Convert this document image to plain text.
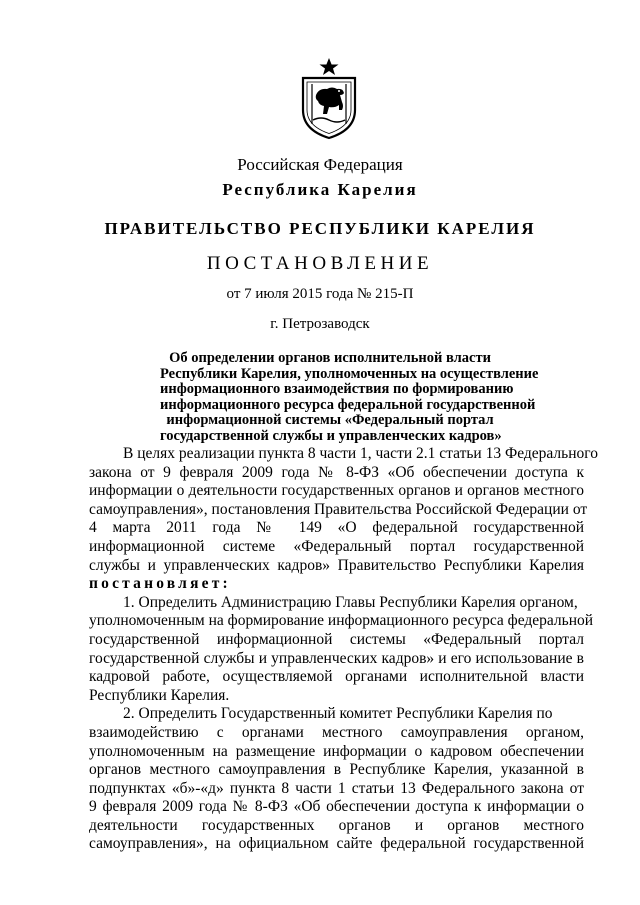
Российская Федерация
Республика Карелия
ПРАВИТЕЛЬСТВО РЕСПУБЛИКИ КАРЕЛИЯ
ПОСТАНОВЛЕНИЕ
от 7 июля 2015 года № 215-П
г. Петрозаводск
Об определении органов исполнительной власти
Республики Карелия, уполномоченных на осуществление
информационного взаимодействия по формированию
информационного ресурса федеральной государственной
информационной системы «Федеральный портал
государственной службы и управленческих кадров»
В целях реализации пункта 8 части 1, части 2.1 статьи 13 Федерального
закона от 9 февраля 2009 года № 8-ФЗ «Об обеспечении доступа к
информации о деятельности государственных органов и органов местного
самоуправления», постановления Правительства Российской Федерации от
4 марта 2011 года № 149 «О федеральной государственной
информационной системе «Федеральный портал государственной
службы и управленческих кадров» Правительство Республики Карелия
постановляет:
1. Определить Администрацию Главы Республики Карелия органом,
уполномоченным на формирование информационного ресурса федеральной
государственной информационной системы «Федеральный портал
государственной службы и управленческих кадров» и его использование в
кадровой работе, осуществляемой органами исполнительной власти
Республики Карелия.
2. Определить Государственный комитет Республики Карелия по
взаимодействию с органами местного самоуправления органом,
уполномоченным на размещение информации о кадровом обеспечении
органов местного самоуправления в Республике Карелия, указанной в
подпунктах «б»-«д» пункта 8 части 1 статьи 13 Федерального закона от
9 февраля 2009 года № 8-ФЗ «Об обеспечении доступа к информации о
деятельности государственных органов и органов местного
самоуправления», на официальном сайте федеральной государственной
